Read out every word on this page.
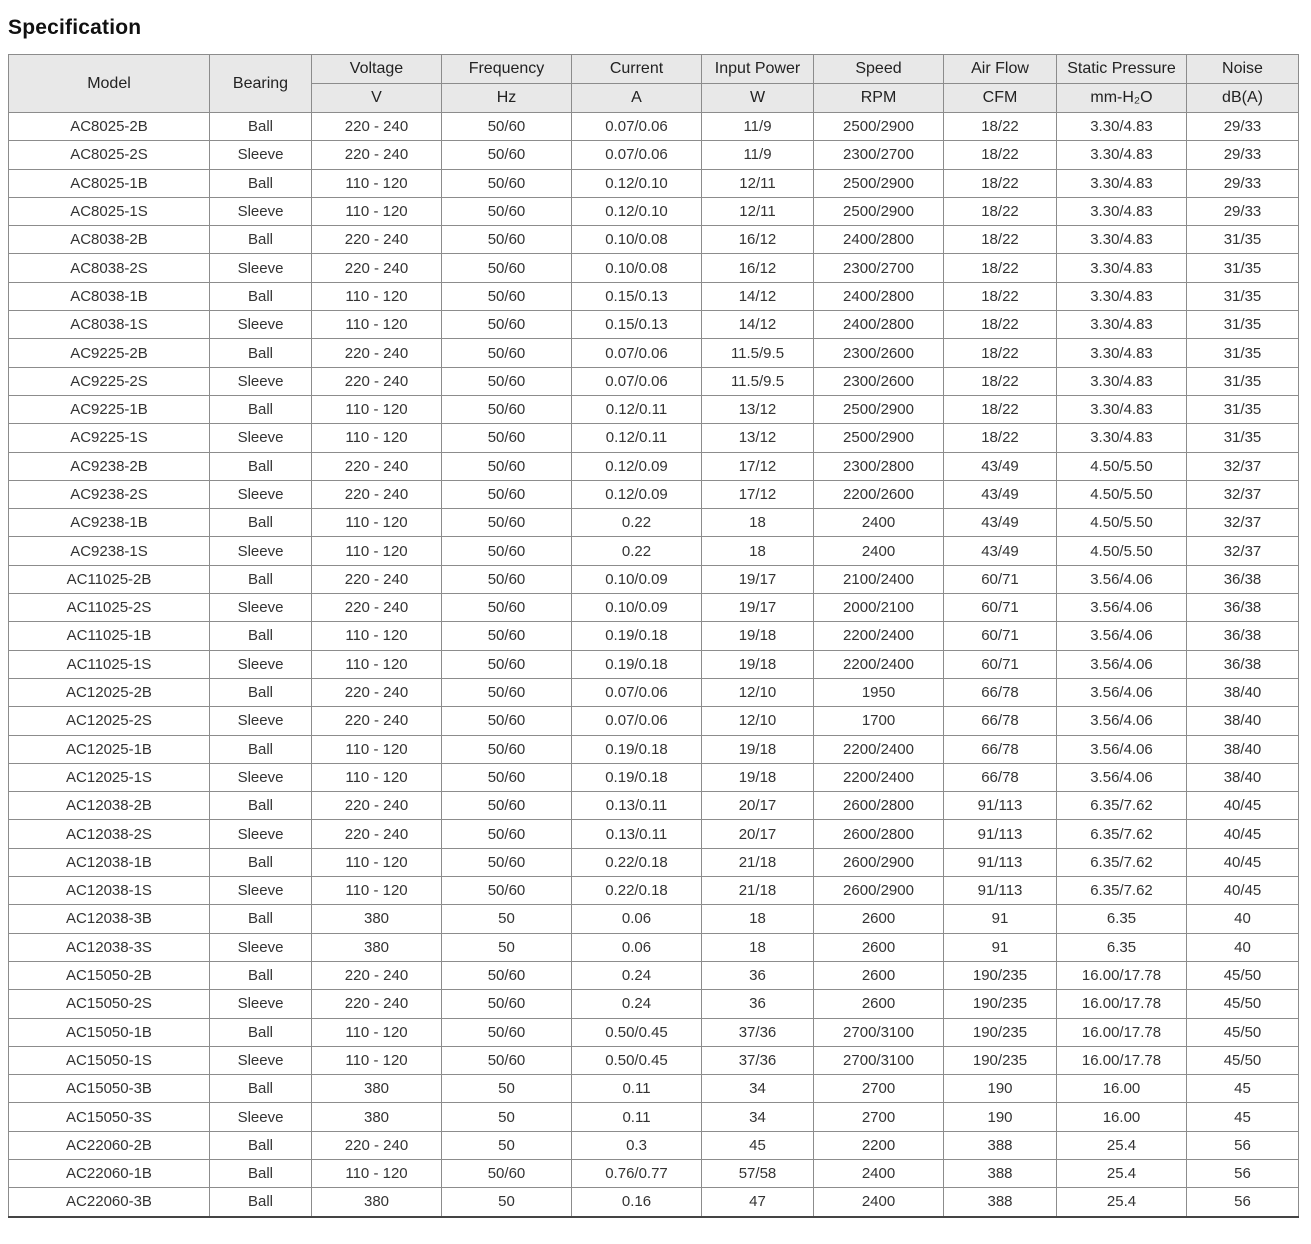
Specification
Model	Bearing	Voltage	Frequency	Current	Input Power	Speed	Air Flow	Static Pressure	Noise
		V	Hz	A	W	RPM	CFM	mm-H₂O	dB(A)
AC8025-2B	Ball	220 - 240	50/60	0.07/0.06	11/9	2500/2900	18/22	3.30/4.83	29/33
AC8025-2S	Sleeve	220 - 240	50/60	0.07/0.06	11/9	2300/2700	18/22	3.30/4.83	29/33
AC8025-1B	Ball	110 - 120	50/60	0.12/0.10	12/11	2500/2900	18/22	3.30/4.83	29/33
AC8025-1S	Sleeve	110 - 120	50/60	0.12/0.10	12/11	2500/2900	18/22	3.30/4.83	29/33
AC8038-2B	Ball	220 - 240	50/60	0.10/0.08	16/12	2400/2800	18/22	3.30/4.83	31/35
AC8038-2S	Sleeve	220 - 240	50/60	0.10/0.08	16/12	2300/2700	18/22	3.30/4.83	31/35
AC8038-1B	Ball	110 - 120	50/60	0.15/0.13	14/12	2400/2800	18/22	3.30/4.83	31/35
AC8038-1S	Sleeve	110 - 120	50/60	0.15/0.13	14/12	2400/2800	18/22	3.30/4.83	31/35
AC9225-2B	Ball	220 - 240	50/60	0.07/0.06	11.5/9.5	2300/2600	18/22	3.30/4.83	31/35
AC9225-2S	Sleeve	220 - 240	50/60	0.07/0.06	11.5/9.5	2300/2600	18/22	3.30/4.83	31/35
AC9225-1B	Ball	110 - 120	50/60	0.12/0.11	13/12	2500/2900	18/22	3.30/4.83	31/35
AC9225-1S	Sleeve	110 - 120	50/60	0.12/0.11	13/12	2500/2900	18/22	3.30/4.83	31/35
AC9238-2B	Ball	220 - 240	50/60	0.12/0.09	17/12	2300/2800	43/49	4.50/5.50	32/37
AC9238-2S	Sleeve	220 - 240	50/60	0.12/0.09	17/12	2200/2600	43/49	4.50/5.50	32/37
AC9238-1B	Ball	110 - 120	50/60	0.22	18	2400	43/49	4.50/5.50	32/37
AC9238-1S	Sleeve	110 - 120	50/60	0.22	18	2400	43/49	4.50/5.50	32/37
AC11025-2B	Ball	220 - 240	50/60	0.10/0.09	19/17	2100/2400	60/71	3.56/4.06	36/38
AC11025-2S	Sleeve	220 - 240	50/60	0.10/0.09	19/17	2000/2100	60/71	3.56/4.06	36/38
AC11025-1B	Ball	110 - 120	50/60	0.19/0.18	19/18	2200/2400	60/71	3.56/4.06	36/38
AC11025-1S	Sleeve	110 - 120	50/60	0.19/0.18	19/18	2200/2400	60/71	3.56/4.06	36/38
AC12025-2B	Ball	220 - 240	50/60	0.07/0.06	12/10	1950	66/78	3.56/4.06	38/40
AC12025-2S	Sleeve	220 - 240	50/60	0.07/0.06	12/10	1700	66/78	3.56/4.06	38/40
AC12025-1B	Ball	110 - 120	50/60	0.19/0.18	19/18	2200/2400	66/78	3.56/4.06	38/40
AC12025-1S	Sleeve	110 - 120	50/60	0.19/0.18	19/18	2200/2400	66/78	3.56/4.06	38/40
AC12038-2B	Ball	220 - 240	50/60	0.13/0.11	20/17	2600/2800	91/113	6.35/7.62	40/45
AC12038-2S	Sleeve	220 - 240	50/60	0.13/0.11	20/17	2600/2800	91/113	6.35/7.62	40/45
AC12038-1B	Ball	110 - 120	50/60	0.22/0.18	21/18	2600/2900	91/113	6.35/7.62	40/45
AC12038-1S	Sleeve	110 - 120	50/60	0.22/0.18	21/18	2600/2900	91/113	6.35/7.62	40/45
AC12038-3B	Ball	380	50	0.06	18	2600	91	6.35	40
AC12038-3S	Sleeve	380	50	0.06	18	2600	91	6.35	40
AC15050-2B	Ball	220 - 240	50/60	0.24	36	2600	190/235	16.00/17.78	45/50
AC15050-2S	Sleeve	220 - 240	50/60	0.24	36	2600	190/235	16.00/17.78	45/50
AC15050-1B	Ball	110 - 120	50/60	0.50/0.45	37/36	2700/3100	190/235	16.00/17.78	45/50
AC15050-1S	Sleeve	110 - 120	50/60	0.50/0.45	37/36	2700/3100	190/235	16.00/17.78	45/50
AC15050-3B	Ball	380	50	0.11	34	2700	190	16.00	45
AC15050-3S	Sleeve	380	50	0.11	34	2700	190	16.00	45
AC22060-2B	Ball	220 - 240	50	0.3	45	2200	388	25.4	56
AC22060-1B	Ball	110 - 120	50/60	0.76/0.77	57/58	2400	388	25.4	56
AC22060-3B	Ball	380	50	0.16	47	2400	388	25.4	56
